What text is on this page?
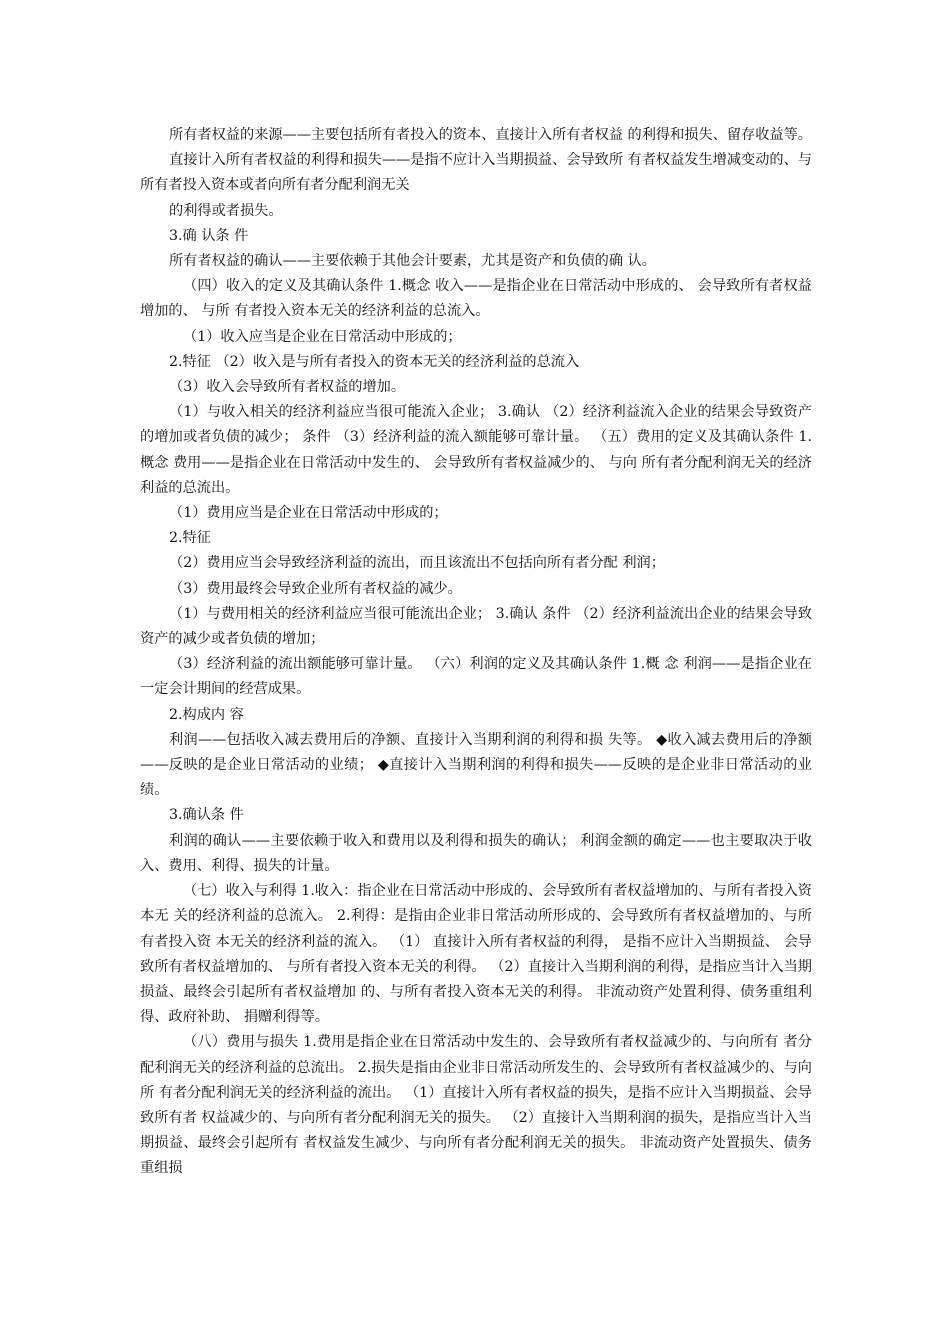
所有者权益的来源——主要包括所有者投入的资本、直接计入所有者权益 的利得和损失、留存收益等。

直接计入所有者权益的利得和损失——是指不应计入当期损益、会导致所 有者权益发生增减变动的、与所有者投入资本或者向所有者分配利润无关

的利得或者损失。

3.确 认条 件

所有者权益的确认——主要依赖于其他会计要素，尤其是资产和负债的确 认。

（四）收入的定义及其确认条件 1.概念 收入——是指企业在日常活动中形成的、 会导致所有者权益增加的、 与所 有者投入资本无关的经济利益的总流入。

（1）收入应当是企业在日常活动中形成的；

2.特征 （2）收入是与所有者投入的资本无关的经济利益的总流入

（3）收入会导致所有者权益的增加。

（1）与收入相关的经济利益应当很可能流入企业； 3.确认 （2）经济利益流入企业的结果会导致资产的增加或者负债的减少； 条件 （3）经济利益的流入额能够可靠计量。 （五）费用的定义及其确认条件 1.概念 费用——是指企业在日常活动中发生的、 会导致所有者权益减少的、 与向 所有者分配利润无关的经济利益的总流出。

（1）费用应当是企业在日常活动中形成的；

2.特征

（2）费用应当会导致经济利益的流出，而且该流出不包括向所有者分配 利润；

（3）费用最终会导致企业所有者权益的减少。

（1）与费用相关的经济利益应当很可能流出企业； 3.确认 条件 （2）经济利益流出企业的结果会导致资产的减少或者负债的增加；

（3）经济利益的流出额能够可靠计量。 （六）利润的定义及其确认条件 1.概 念 利润——是指企业在一定会计期间的经营成果。

2.构成内 容

利润——包括收入减去费用后的净额、直接计入当期利润的利得和损 失等。 ◆收入减去费用后的净额——反映的是企业日常活动的业绩； ◆直接计入当期利润的利得和损失——反映的是企业非日常活动的业 绩。

3.确认条 件

利润的确认——主要依赖于收入和费用以及利得和损失的确认； 利润金额的确定——也主要取决于收入、费用、利得、损失的计量。

（七）收入与利得 1.收入：指企业在日常活动中形成的、会导致所有者权益增加的、与所有者投入资本无 关的经济利益的总流入。 2.利得：是指由企业非日常活动所形成的、会导致所有者权益增加的、与所有者投入资 本无关的经济利益的流入。 （1） 直接计入所有者权益的利得， 是指不应计入当期损益、 会导致所有者权益增加的、 与所有者投入资本无关的利得。 （2）直接计入当期利润的利得，是指应当计入当期损益、最终会引起所有者权益增加 的、与所有者投入资本无关的利得。 非流动资产处置利得、债务重组利得、政府补助、 捐赠利得等。

（八）费用与损失 1.费用是指企业在日常活动中发生的、会导致所有者权益减少的、与向所有 者分配利润无关的经济利益的总流出。 2.损失是指由企业非日常活动所发生的、会导致所有者权益减少的、与向所 有者分配利润无关的经济利益的流出。 （1）直接计入所有者权益的损失，是指不应计入当期损益、会导致所有者 权益减少的、与向所有者分配利润无关的损失。 （2）直接计入当期利润的损失，是指应当计入当期损益、最终会引起所有 者权益发生减少、与向所有者分配利润无关的损失。 非流动资产处置损失、债务重组损
